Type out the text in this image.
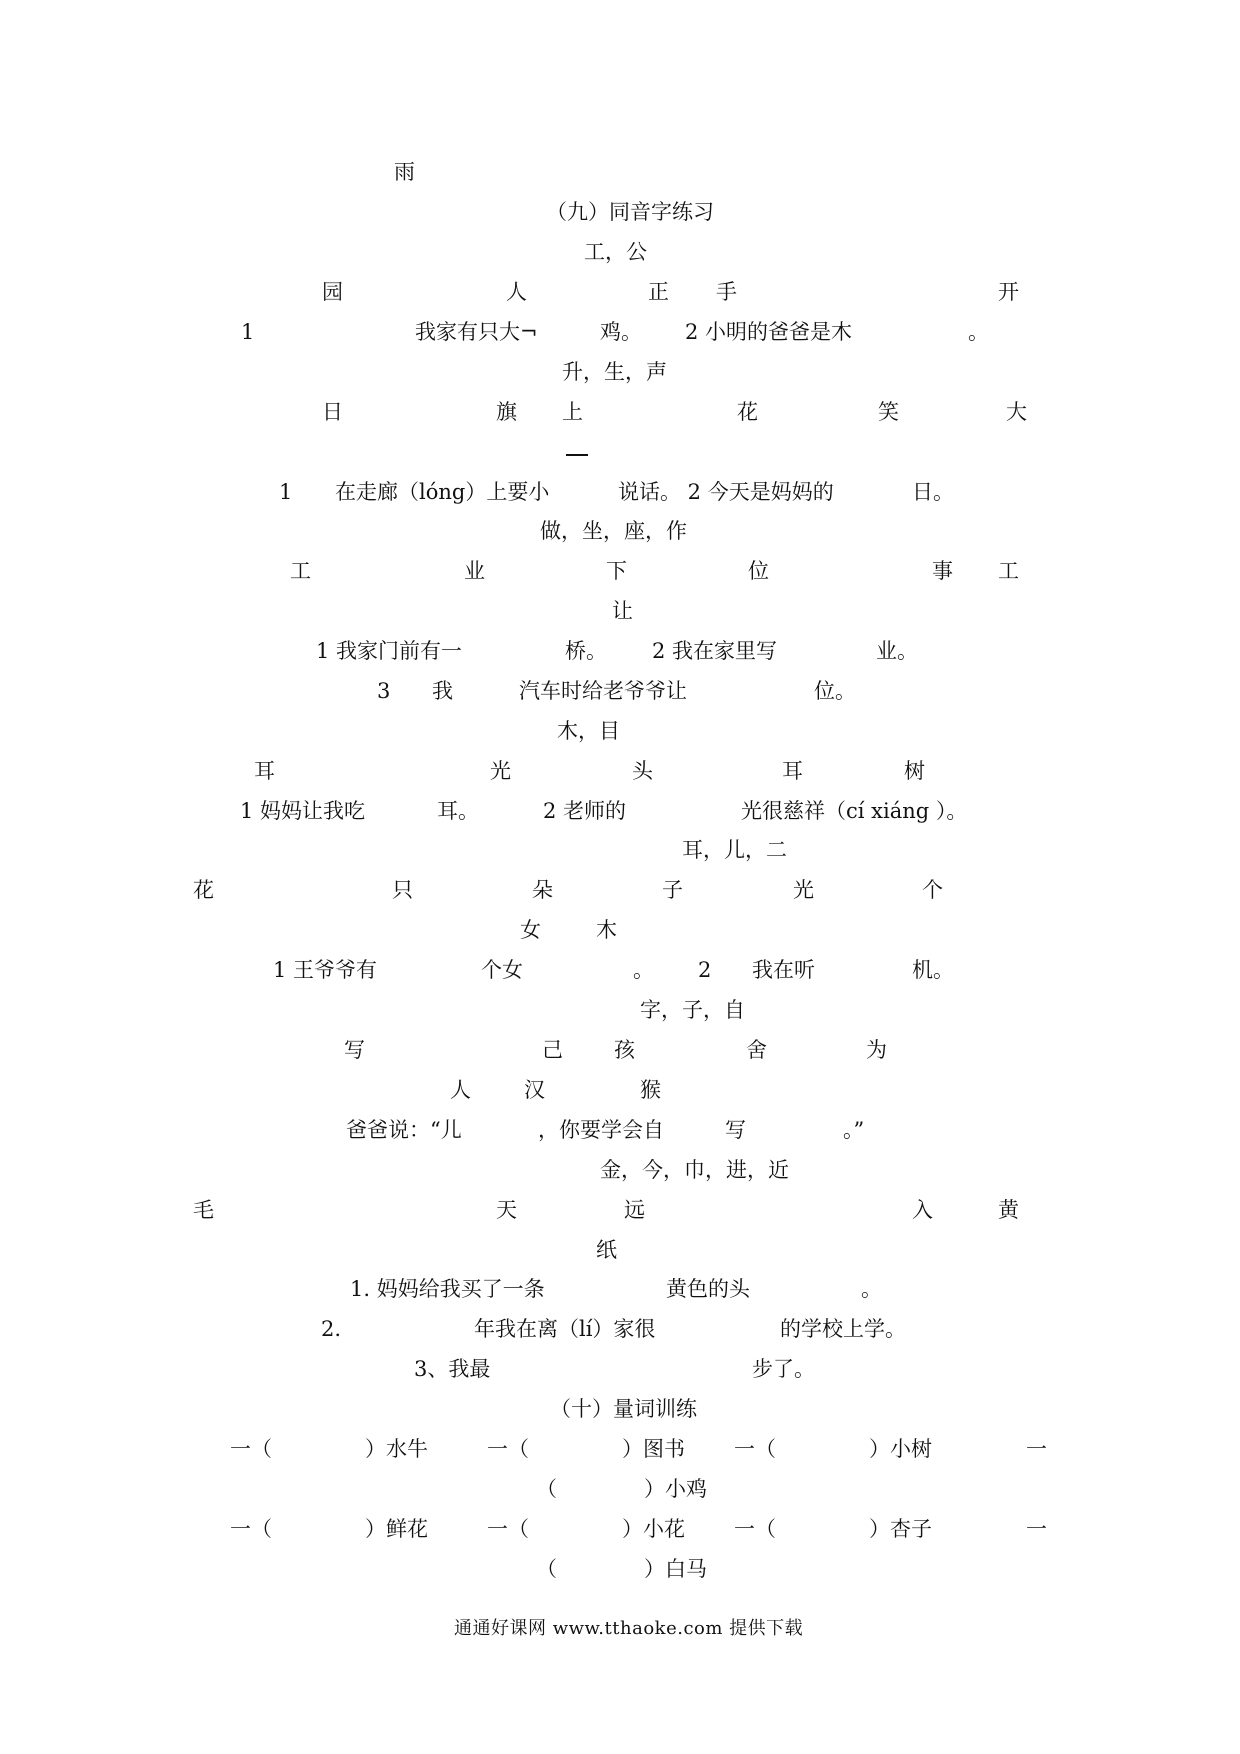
雨
（九）同音字练习
工，公
园	人	正 手	开
1	我家有只大¬	鸡。 2 小明的爸爸是木	。
升，生，声
日	旗 上	花	笑	大
1 在走廊（lóng）上要小	说话。 2 今天是妈妈的	日。
做，坐，座，作
工	业	下	位	事 工
让
1 我家门前有一	桥。 2 我在家里写	业。
3 我	汽车时给老爷爷让	位。
木，目
耳	光	头	耳	树
1 妈妈让我吃	耳。	2 老师的	光很慈祥（cí xiáng ）。
耳，儿，二
花	只	朵	子	光	个
女	木
1 王爷爷有	个女	。 2 我在听	机。
字，子，自
写	己 孩	舍	为
人	汉	猴
爸爸说：“儿	，你要学会自	写	。”
金，今，巾，进，近
毛	天	远	入	黄
纸
1. 妈妈给我买了一条	黄色的头	。
2.	年我在离（lí）家很	的学校上学。
3、我最	步了。
（十）量词训练
一（	）水牛	一（	）图书 一（	）小树	一
（	）小鸡
一（	）鲜花	一（	）小花 一（	）杏子	一
（	）白马
通通好课网 www.tthaoke.com 提供下载
